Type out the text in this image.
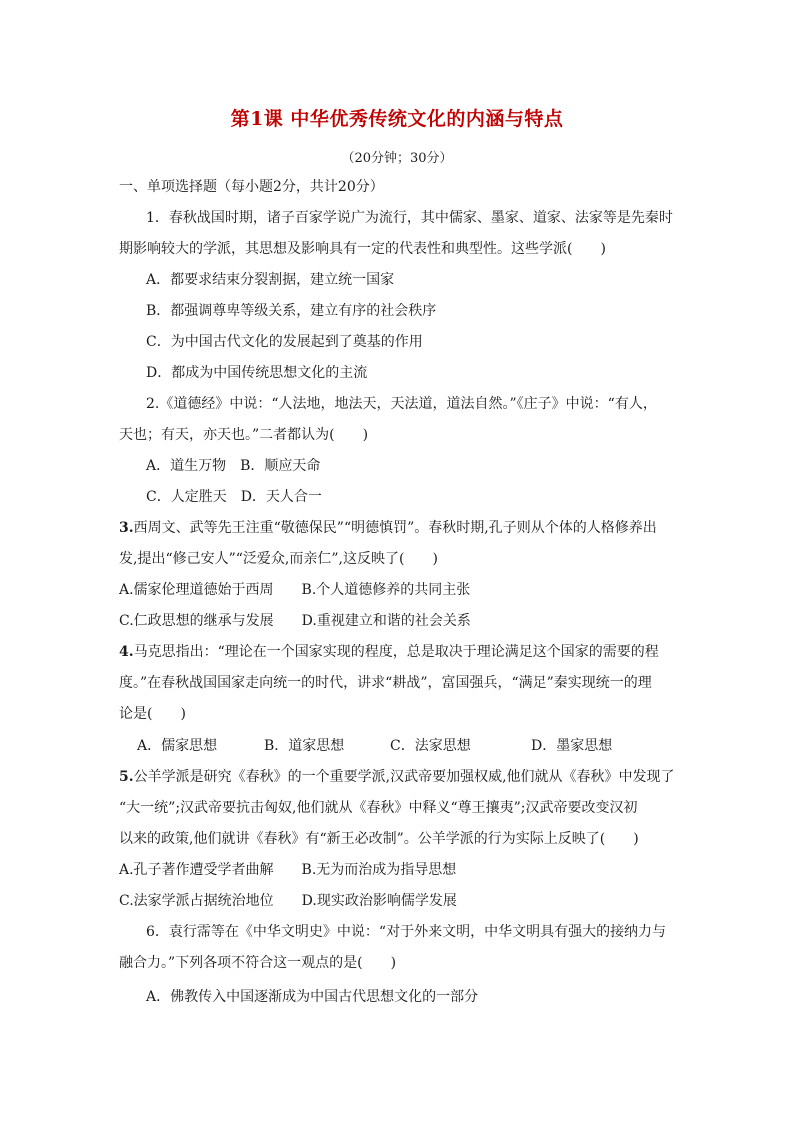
第1课 中华优秀传统文化的内涵与特点
（20分钟；30分）
一、单项选择题（每小题2分，共计20分）
1．春秋战国时期，诸子百家学说广为流行，其中儒家、墨家、道家、法家等是先秦时
期影响较大的学派，其思想及影响具有一定的代表性和典型性。这些学派(　　)
A．都要求结束分裂割据，建立统一国家
B．都强调尊卑等级关系，建立有序的社会秩序
C．为中国古代文化的发展起到了奠基的作用
D．都成为中国传统思想文化的主流
2.《道德经》中说：“人法地，地法天，天法道，道法自然。”《庄子》中说：“有人，
天也；有天，亦天也。”二者都认为(　　)
A．道生万物　B．顺应天命
C．人定胜天　D．天人合一
3.西周文、武等先王注重“敬德保民”“明德慎罚”。春秋时期,孔子则从个体的人格修养出
发,提出“修己安人”“泛爱众,而亲仁”,这反映了(　　)
A.儒家伦理道德始于西周　　B.个人道德修养的共同主张
C.仁政思想的继承与发展　　D.重视建立和谐的社会关系
4.马克思指出：“理论在一个国家实现的程度，总是取决于理论满足这个国家的需要的程
度。”在春秋战国国家走向统一的时代，讲求“耕战”，富国强兵，“满足”秦实现统一的理
论是(　　)
A．儒家思想	B．道家思想	C．法家思想	D．墨家思想
5.公羊学派是研究《春秋》的一个重要学派,汉武帝要加强权威,他们就从《春秋》中发现了
“大一统”;汉武帝要抗击匈奴,他们就从《春秋》中释义“尊王攘夷”;汉武帝要改变汉初
以来的政策,他们就讲《春秋》有“新王必改制”。公羊学派的行为实际上反映了(　　)
A.孔子著作遭受学者曲解　　B.无为而治成为指导思想
C.法家学派占据统治地位　　D.现实政治影响儒学发展
6．袁行霈等在《中华文明史》中说：“对于外来文明，中华文明具有强大的接纳力与
融合力。”下列各项不符合这一观点的是(　　)
A．佛教传入中国逐渐成为中国古代思想文化的一部分
